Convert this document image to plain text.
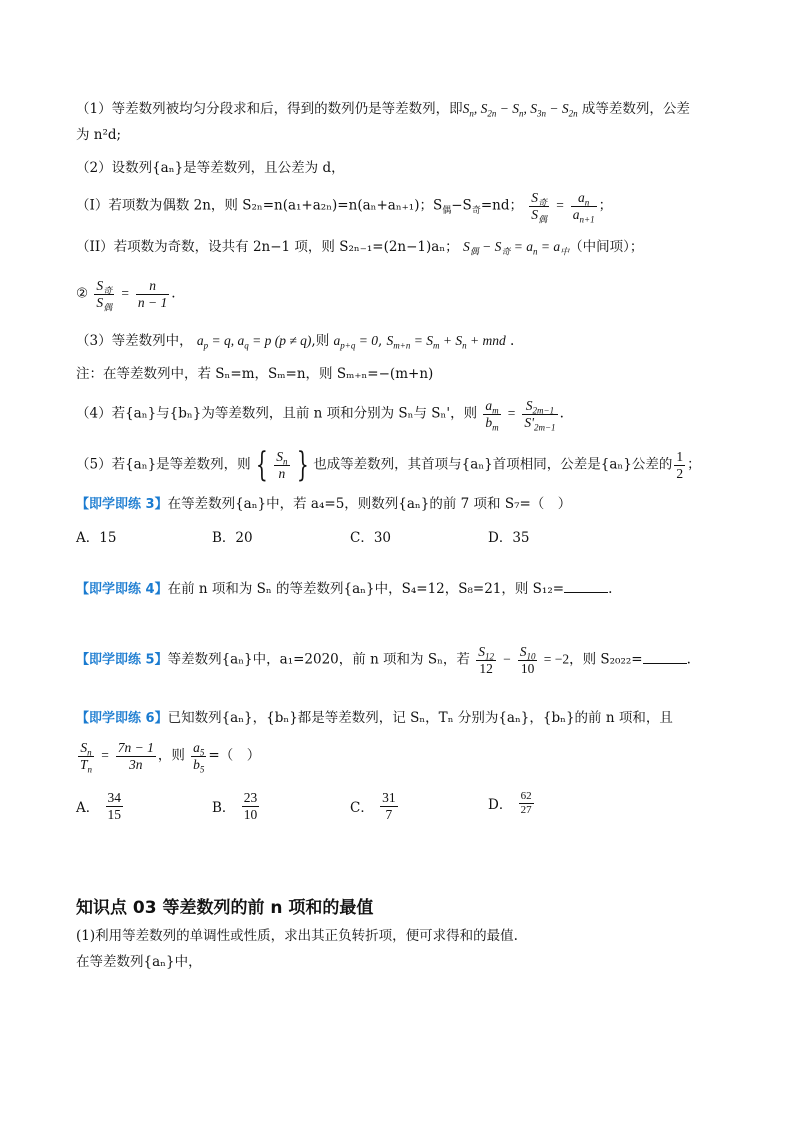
（1）等差数列被均匀分段求和后，得到的数列仍是等差数列，即$S_n$, $S_{2n} - S_n$, $S_{3n} - S_{2n}$ 成等差数列，公差
为 n²d;
（2）设数列{aₙ}是等差数列，且公差为 d，
（I）若项数为偶数 2n，则 S₂ₙ=n(a₁+a₂ₙ)=n(aₙ+aₙ₊₁)；$S_偶-S_奇=nd$； $\frac{S_奇}{S_偶} = \frac{a_n}{a_{n+1}}$ ；
（II）若项数为奇数，设共有 2n−1 项，则 S₂ₙ₋₁=(2n−1)aₙ； $S_偶 - S_奇 = a_n = a_中$（中间项）；
② $\frac{S_奇}{S_偶} = \frac{n}{n - 1}$ .
（3）等差数列中， $a_p = q$, $a_q = p$ (p ≠ q),则 $a_{p+q} = 0$, $S_{m+n} = S_m + S_n$ + mnd .
注：在等差数列中，若 Sₙ=m，Sₘ=n，则 Sₘ₊ₙ=−(m+n)
（4）若{aₙ}与{bₙ}为等差数列，且前 n 项和分别为 Sₙ与 Sₙ'，则 $\frac{a_m}{b_m} = \frac{S_{2m-1}}{S'_{2m-1}}$ .
（5）若{aₙ}是等差数列，则 { $\frac{S_n}{n}$ } 也成等差数列，其首项与{aₙ}首项相同，公差是{aₙ}公差的 $\frac{1}{2}$ ；
【即学即练 3】在等差数列{aₙ}中，若 a₄=5，则数列{aₙ}的前 7 项和 S₇=（　）
A．15	B．20	C．30	D．35
【即学即练 4】在前 n 项和为 Sₙ 的等差数列{aₙ}中，S₄=12，S₈=21，则 S₁₂=	.
【即学即练 5】等差数列{aₙ}中，a₁=2020，前 n 项和为 Sₙ，若 $\frac{S_{12}}{12} - \frac{S_{10}}{10} = -2$，则 S₂₀₂₂=	.
【即学即练 6】已知数列{aₙ}，{bₙ}都是等差数列，记 Sₙ，Tₙ 分别为{aₙ}，{bₙ}的前 n 项和，且
$\frac{S_n}{T_n} = \frac{7n - 1}{3n}$ ，则 $\frac{a_5}{b_5}$ =（　）
A． $\frac{34}{15}$	B． $\frac{23}{10}$	C． $\frac{31}{7}$	D． $\frac{62}{27}$
知识点 03 等差数列的前 n 项和的最值
(1)利用等差数列的单调性或性质，求出其正负转折项，便可求得和的最值.
在等差数列{aₙ}中，
